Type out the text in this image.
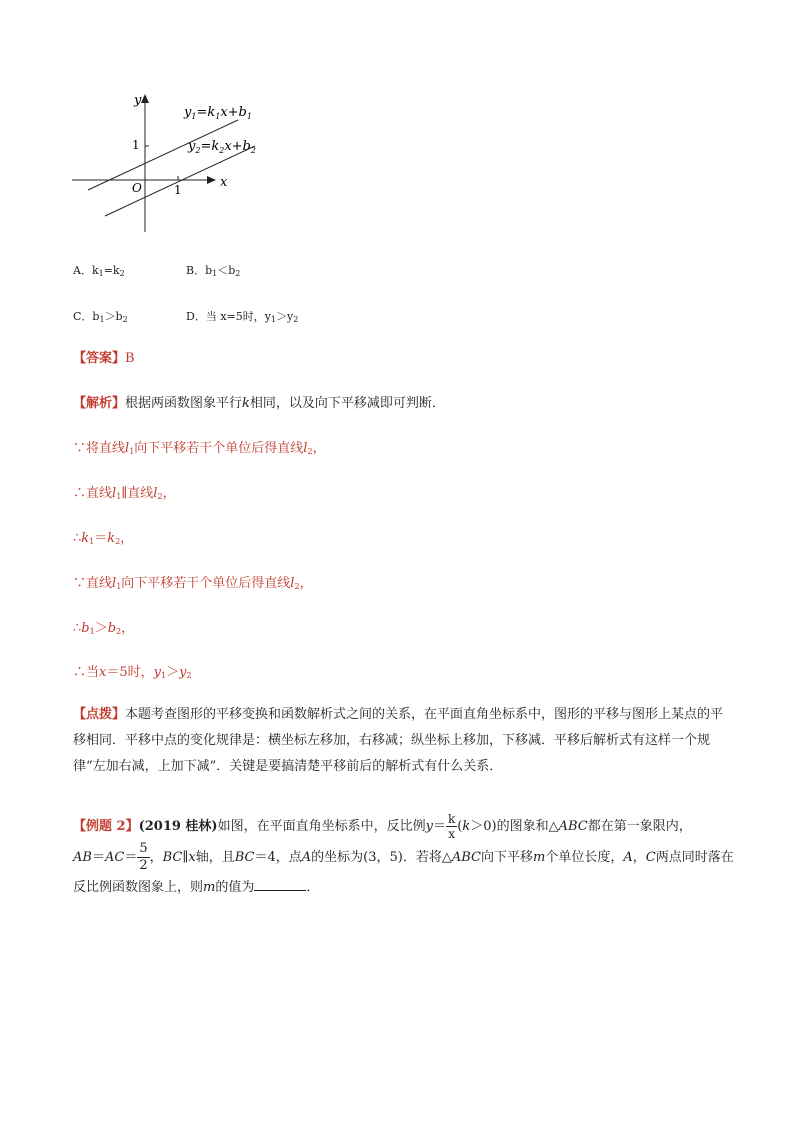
y
x
O
1
1
$y_1=k_1x+b_1$
$y_2=k_2x+b_2$
A．$k_1=k_2$	B．$b_1<b_2$
C．$b_1>b_2$	D．当 x=5时，$y_1>y_2$
【答案】B
【解析】根据两函数图象平行k相同，以及向下平移减即可判断．
∵将直线$l_1$向下平移若干个单位后得直线$l_2$，
∴直线$l_1\parallel$直线$l_2$，
$\therefore k_1=k_2$，
∵直线$l_1$向下平移若干个单位后得直线$l_2$，
$\therefore b_1>b_2$，
∴当x＝5时，$y_1>y_2$
【点拨】本题考查图形的平移变换和函数解析式之间的关系，在平面直角坐标系中，图形的平移与图形上某点的平移相同．平移中点的变化规律是：横坐标左移加，右移减；纵坐标上移加，下移减．平移后解析式有这样一个规律“左加右减，上加下减”．关键是要搞清楚平移前后的解析式有什么关系．
【例题 2】(2019 桂林)如图，在平面直角坐标系中，反比例$y= \frac{k}{x} (k>0)$的图象和△ABC都在第一象限内，
$AB=AC= \frac{5}{2}$ ，BC∥x轴，且BC＝4，点A的坐标为(3，5)．若将△ABC向下平移m个单位长度，A，C两点同时落在反比例函数图象上，则m的值为	．
